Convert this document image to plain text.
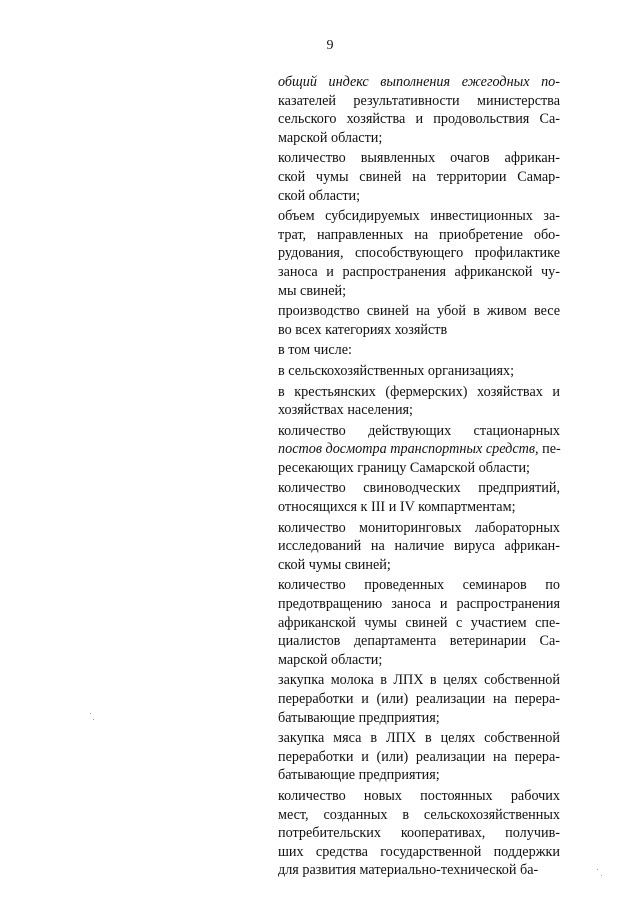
9
общий индекс выполнения ежегодных по-
казателей результативности министерства
сельского хозяйства и продовольствия Са-
марской области;
количество выявленных очагов африкан-
ской чумы свиней на территории Самар-
ской области;
объем субсидируемых инвестиционных за-
трат, направленных на приобретение обо-
рудования, способствующего профилактике
заноса и распространения африканской чу-
мы свиней;
производство свиней на убой в живом весе
во всех категориях хозяйств
в том числе:
в сельскохозяйственных организациях;
в крестьянских (фермерских) хозяйствах и
хозяйствах населения;
количество действующих стационарных
постов досмотра транспортных средств, пе-
ресекающих границу Самарской области;
количество свиноводческих предприятий,
относящихся к III и IV компартментам;
количество мониторинговых лабораторных
исследований на наличие вируса африкан-
ской чумы свиней;
количество проведенных семинаров по
предотвращению заноса и распространения
африканской чумы свиней с участием спе-
циалистов департамента ветеринарии Са-
марской области;
закупка молока в ЛПХ в целях собственной
переработки и (или) реализации на перера-
батывающие предприятия;
закупка мяса в ЛПХ в целях собственной
переработки и (или) реализации на перера-
батывающие предприятия;
количество новых постоянных рабочих
мест, созданных в сельскохозяйственных
потребительских кооперативах, получив-
ших средства государственной поддержки
для развития материально-технической ба-
